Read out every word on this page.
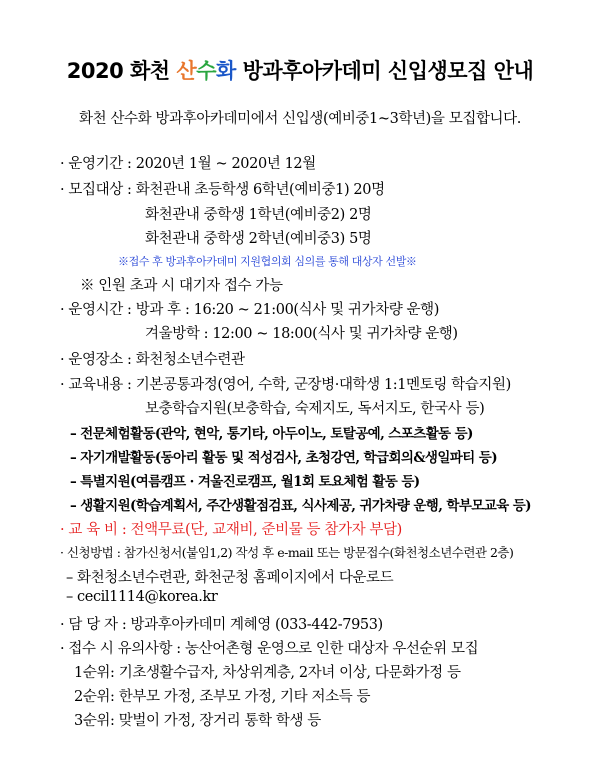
2020 화천 산수화 방과후아카데미 신입생모집 안내
화천 산수화 방과후아카데미에서 신입생(예비중1~3학년)을 모집합니다.
· 운영기간 : 2020년 1월 ~ 2020년 12월
· 모집대상 : 화천관내 초등학생 6학년(예비중1) 20명
화천관내 중학생 1학년(예비중2) 2명
화천관내 중학생 2학년(예비중3) 5명
※접수 후 방과후아카데미 지원협의회 심의를 통해 대상자 선발※
※ 인원 초과 시 대기자 접수 가능
· 운영시간 : 방과 후 : 16:20 ~ 21:00(식사 및 귀가차량 운행)
겨울방학 : 12:00 ~ 18:00(식사 및 귀가차량 운행)
· 운영장소 : 화천청소년수련관
· 교육내용 : 기본공통과정(영어, 수학, 군장병·대학생 1:1멘토링 학습지원)
보충학습지원(보충학습, 숙제지도, 독서지도, 한국사 등)
– 전문체험활동(관악, 현악, 통기타, 아두이노, 토탈공예, 스포츠활동 등)
– 자기개발활동(동아리 활동 및 적성검사, 초청강연, 학급회의&생일파티 등)
– 특별지원(여름캠프 · 겨울진로캠프, 월1회 토요체험 활동 등)
– 생활지원(학습계획서, 주간생활점검표, 식사제공, 귀가차량 운행, 학부모교육 등)
· 교 육 비 : 전액무료(단, 교재비, 준비물 등 참가자 부담)
· 신청방법 : 참가신청서(붙임1,2) 작성 후 e-mail 또는 방문접수(화천청소년수련관 2층)
– 화천청소년수련관, 화천군청 홈페이지에서 다운로드
– cecil1114@korea.kr
· 담 당 자 : 방과후아카데미 계혜영 (033-442-7953)
· 접수 시 유의사항 : 농산어촌형 운영으로 인한 대상자 우선순위 모집
1순위: 기초생활수급자, 차상위계층, 2자녀 이상, 다문화가정 등
2순위: 한부모 가정, 조부모 가정, 기타 저소득 등
3순위: 맞벌이 가정, 장거리 통학 학생 등
